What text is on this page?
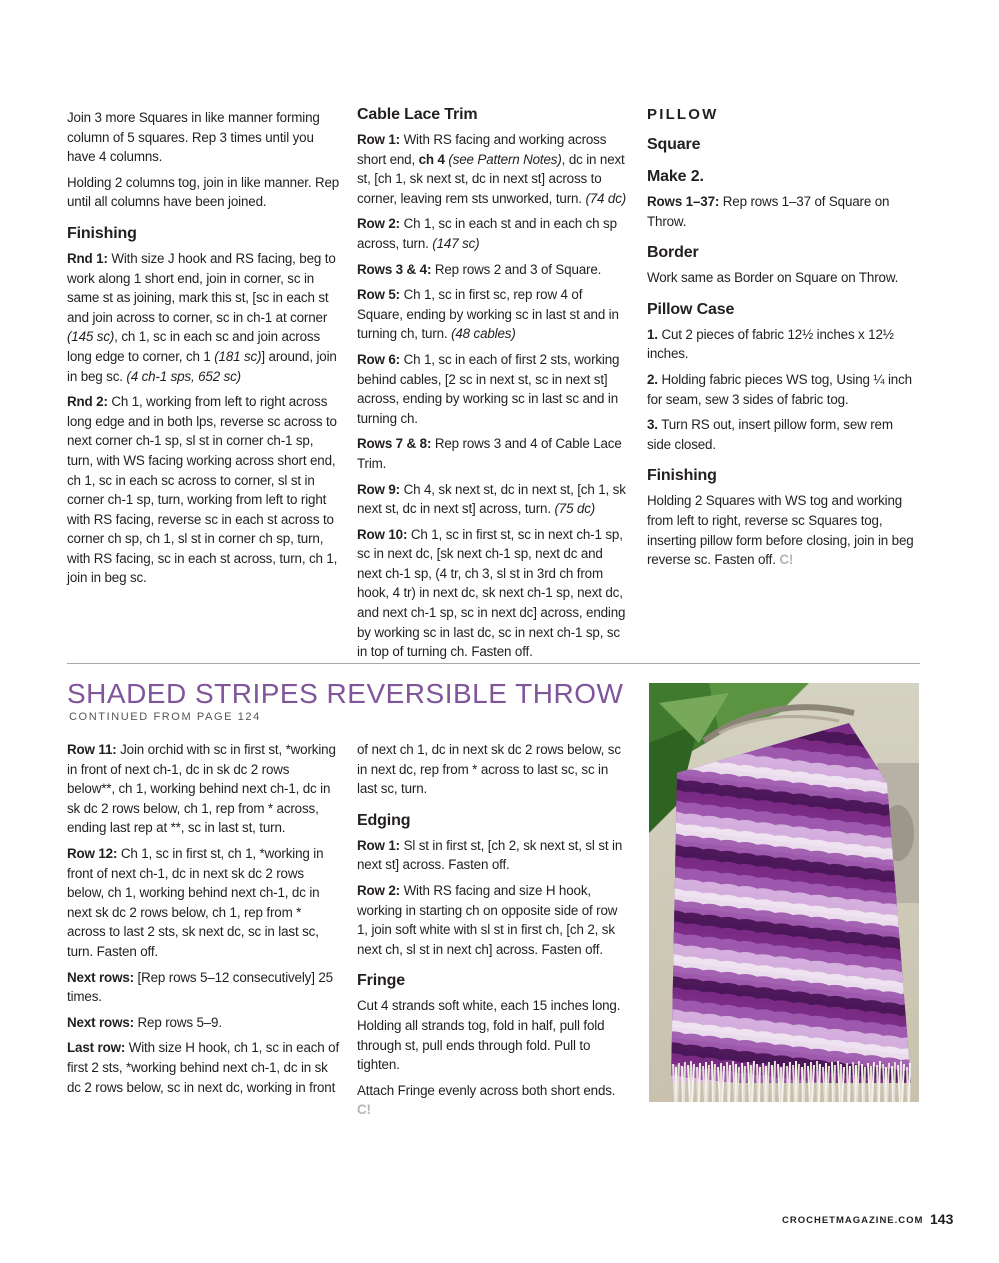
Join 3 more Squares in like manner forming column of 5 squares. Rep 3 times until you have 4 columns.

Holding 2 columns tog, join in like manner. Rep until all columns have been joined.

Finishing

Rnd 1: With size J hook and RS facing, beg to work along 1 short end, join in corner, sc in same st as joining, mark this st, [sc in each st and join across to corner, sc in ch-1 at corner (145 sc), ch 1, sc in each sc and join across long edge to corner, ch 1 (181 sc)] around, join in beg sc. (4 ch-1 sps, 652 sc)

Rnd 2: Ch 1, working from left to right across long edge and in both lps, reverse sc across to next corner ch-1 sp, sl st in corner ch-1 sp, turn, with WS facing working across short end, ch 1, sc in each sc across to corner, sl st in corner ch-1 sp, turn, working from left to right with RS facing, reverse sc in each st across to corner ch sp, ch 1, sl st in corner ch sp, turn, with RS facing, sc in each st across, turn, ch 1, join in beg sc.

Cable Lace Trim

Row 1: With RS facing and working across short end, ch 4 (see Pattern Notes), dc in next st, [ch 1, sk next st, dc in next st] across to corner, leaving rem sts unworked, turn. (74 dc)

Row 2: Ch 1, sc in each st and in each ch sp across, turn. (147 sc)

Rows 3 & 4: Rep rows 2 and 3 of Square.

Row 5: Ch 1, sc in first sc, rep row 4 of Square, ending by working sc in last st and in turning ch, turn. (48 cables)

Row 6: Ch 1, sc in each of first 2 sts, working behind cables, [2 sc in next st, sc in next st] across, ending by working sc in last sc and in turning ch.

Rows 7 & 8: Rep rows 3 and 4 of Cable Lace Trim.

Row 9: Ch 4, sk next st, dc in next st, [ch 1, sk next st, dc in next st] across, turn. (75 dc)

Row 10: Ch 1, sc in first st, sc in next ch-1 sp, sc in next dc, [sk next ch-1 sp, next dc and next ch-1 sp, (4 tr, ch 3, sl st in 3rd ch from hook, 4 tr) in next dc, sk next ch-1 sp, next dc, and next ch-1 sp, sc in next dc] across, ending by working sc in last dc, sc in next ch-1 sp, sc in top of turning ch. Fasten off.

PILLOW
Square
Make 2.

Rows 1–37: Rep rows 1–37 of Square on Throw.

Border

Work same as Border on Square on Throw.

Pillow Case

1. Cut 2 pieces of fabric 12½ inches x 12½ inches.

2. Holding fabric pieces WS tog, Using ¼ inch for seam, sew 3 sides of fabric tog.

3. Turn RS out, insert pillow form, sew rem side closed.

Finishing

Holding 2 Squares with WS tog and working from left to right, reverse sc Squares tog, inserting pillow form before closing, join in beg reverse sc. Fasten off. C!

SHADED STRIPES REVERSIBLE THROW
CONTINUED FROM PAGE 124

Row 11: Join orchid with sc in first st, *working in front of next ch-1, dc in sk dc 2 rows below**, ch 1, working behind next ch-1, dc in sk dc 2 rows below, ch 1, rep from * across, ending last rep at **, sc in last st, turn.

Row 12: Ch 1, sc in first st, ch 1, *working in front of next ch-1, dc in next sk dc 2 rows below, ch 1, working behind next ch-1, dc in next sk dc 2 rows below, ch 1, rep from * across to last 2 sts, sk next dc, sc in last sc, turn. Fasten off.

Next rows: [Rep rows 5–12 consecutively] 25 times.

Next rows: Rep rows 5–9.

Last row: With size H hook, ch 1, sc in each of first 2 sts, *working behind next ch-1, dc in sk dc 2 rows below, sc in next dc, working in front

of next ch 1, dc in next sk dc 2 rows below, sc in next dc, rep from * across to last sc, sc in last sc, turn.

Edging

Row 1: Sl st in first st, [ch 2, sk next st, sl st in next st] across. Fasten off.

Row 2: With RS facing and size H hook, working in starting ch on opposite side of row 1, join soft white with sl st in first ch, [ch 2, sk next ch, sl st in next ch] across. Fasten off.

Fringe

Cut 4 strands soft white, each 15 inches long. Holding all strands tog, fold in half, pull fold through st, pull ends through fold. Pull to tighten.

Attach Fringe evenly across both short ends. C!

CROCHETMAGAZINE.COM 143
